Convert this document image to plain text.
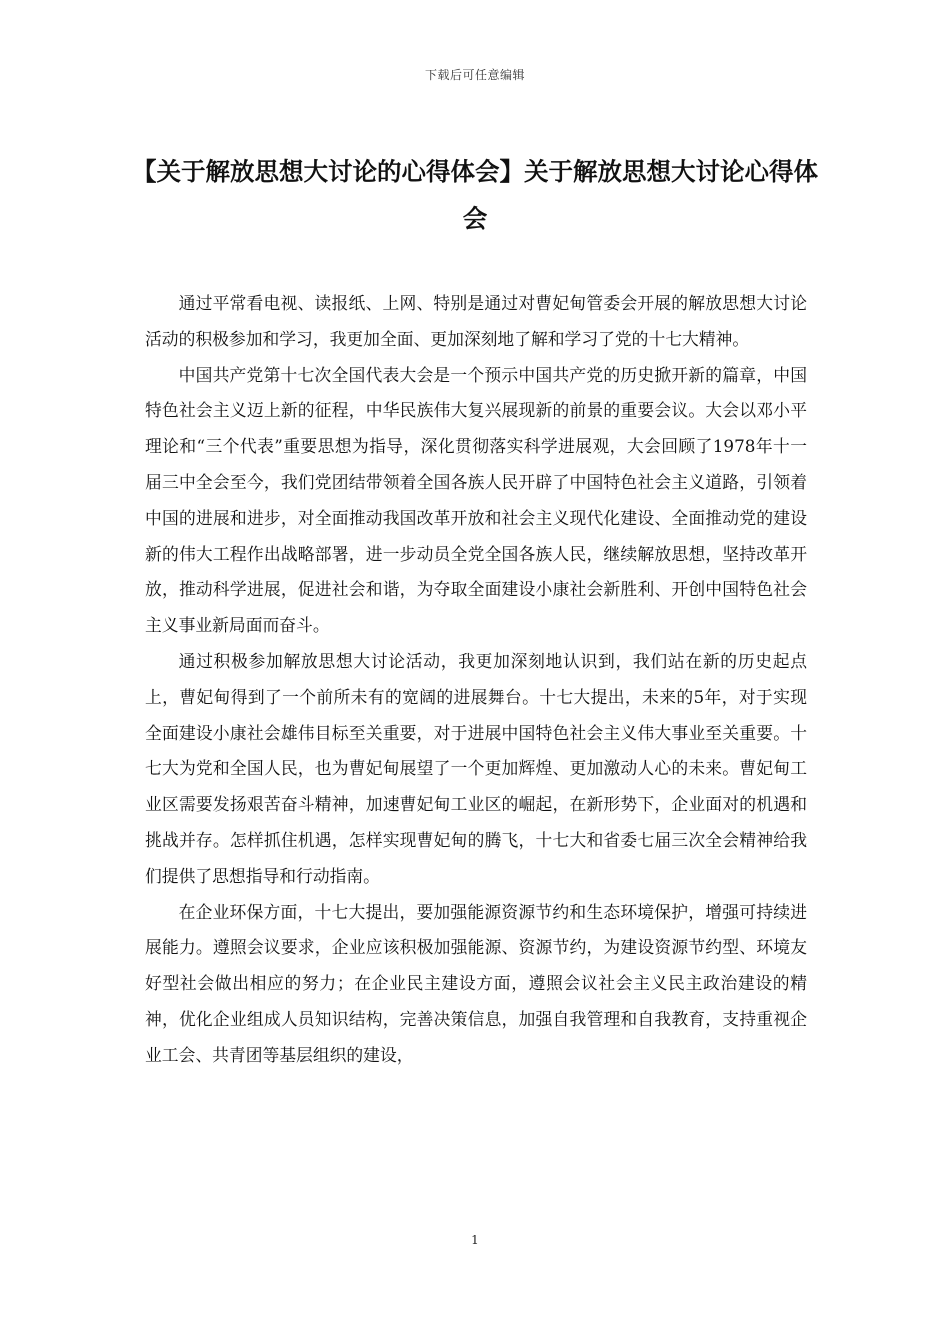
下载后可任意编辑
【关于解放思想大讨论的心得体会】关于解放思想大讨论心得体会

通过平常看电视、读报纸、上网、特别是通过对曹妃甸管委会开展的解放思想大讨论活动的积极参加和学习，我更加全面、更加深刻地了解和学习了党的十七大精神。

中国共产党第十七次全国代表大会是一个预示中国共产党的历史掀开新的篇章，中国特色社会主义迈上新的征程，中华民族伟大复兴展现新的前景的重要会议。大会以邓小平理论和“三个代表”重要思想为指导，深化贯彻落实科学进展观，大会回顾了1978年十一届三中全会至今，我们党团结带领着全国各族人民开辟了中国特色社会主义道路，引领着中国的进展和进步，对全面推动我国改革开放和社会主义现代化建设、全面推动党的建设新的伟大工程作出战略部署，进一步动员全党全国各族人民，继续解放思想，坚持改革开放，推动科学进展，促进社会和谐，为夺取全面建设小康社会新胜利、开创中国特色社会主义事业新局面而奋斗。

通过积极参加解放思想大讨论活动，我更加深刻地认识到，我们站在新的历史起点上，曹妃甸得到了一个前所未有的宽阔的进展舞台。十七大提出，未来的5年，对于实现全面建设小康社会雄伟目标至关重要，对于进展中国特色社会主义伟大事业至关重要。十七大为党和全国人民，也为曹妃甸展望了一个更加辉煌、更加激动人心的未来。曹妃甸工业区需要发扬艰苦奋斗精神，加速曹妃甸工业区的崛起，在新形势下，企业面对的机遇和挑战并存。怎样抓住机遇，怎样实现曹妃甸的腾飞，十七大和省委七届三次全会精神给我们提供了思想指导和行动指南。

在企业环保方面，十七大提出，要加强能源资源节约和生态环境保护，增强可持续进展能力。遵照会议要求，企业应该积极加强能源、资源节约，为建设资源节约型、环境友好型社会做出相应的努力；在企业民主建设方面，遵照会议社会主义民主政治建设的精神，优化企业组成人员知识结构，完善决策信息，加强自我管理和自我教育，支持重视企业工会、共青团等基层组织的建设，

1
